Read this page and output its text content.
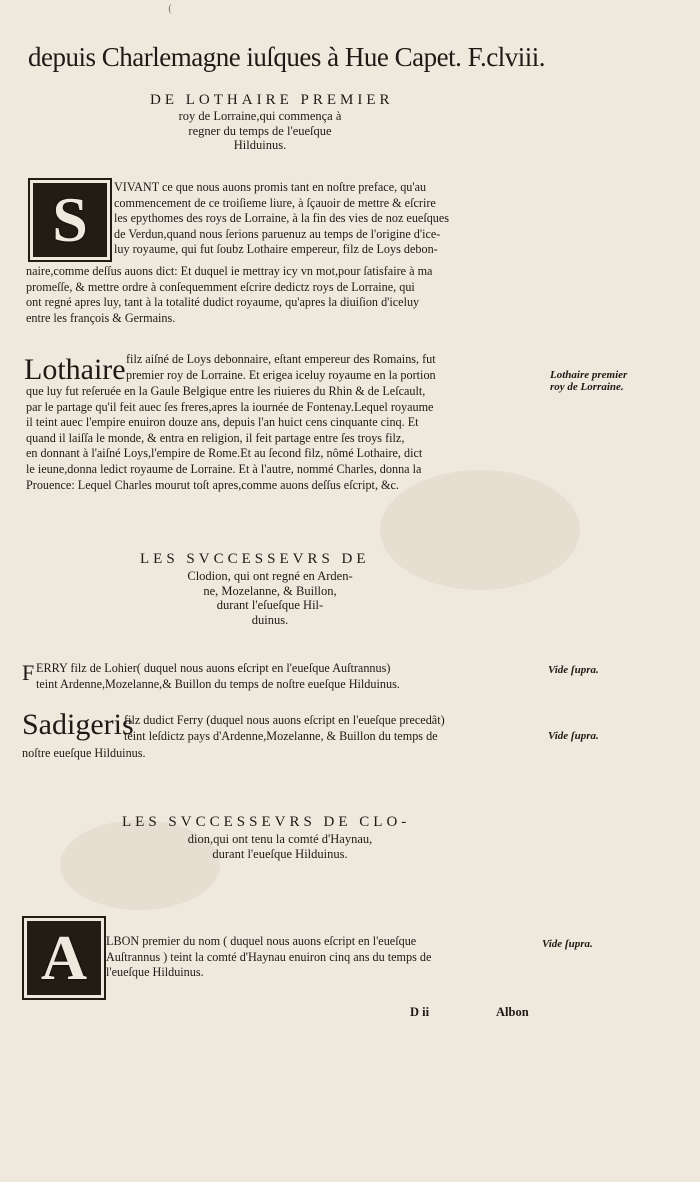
(
depuis Charlemagne iuſques à Hue Capet. F.clviii.
DE LOTHAIRE PREMIER
roy de Lorraine,qui commença à
regner du temps de l'eueſque
Hilduinus.
S VIVANT ce que nous auons promis tant en noſtre preface, qu'au
commencement de ce troiſieme liure, à ſçauoir de mettre & eſcrire
les epythomes des roys de Lorraine, à la fin des vies de noz eueſques
de Verdun,quand nous ſerions paruenuz au temps de l'origine d'ice-
luy royaume, qui fut ſoubz Lothaire empereur, filz de Loys debon-
naire,comme deſſus auons dict: Et duquel ie mettray icy vn mot,pour ſatisfaire à ma
promeſſe, & mettre ordre à conſequemment eſcrire dedictz roys de Lorraine, qui
ont regné apres luy, tant à la totalité dudict royaume, qu'apres la diuiſion d'iceluy
entre les françois & Germains.
Lothaire filz aiſné de Loys debonnaire, eſtant empereur des Romains, fut
premier roy de Lorraine. Et erigea iceluy royaume en la portion
que luy fut reſeruée en la Gaule Belgique entre les riuieres du Rhin & de Leſcault,
par le partage qu'il feit auec ſes freres,apres la iournée de Fontenay.Lequel royaume
il teint auec l'empire enuiron douze ans, depuis l'an huict cens cinquante cinq. Et
quand il laiſſa le monde, & entra en religion, il feit partage entre ſes troys filz,
en donnant à l'aiſné Loys,l'empire de Rome.Et au ſecond filz, nômé Lothaire, dict
le ieune,donna ledict royaume de Lorraine. Et à l'autre, nommé Charles, donna la
Prouence: Lequel Charles mourut toſt apres,comme auons deſſus eſcript, &c.
Lothaire premier
roy de Lorraine.
LES SVCCESSEVRS DE
Clodion, qui ont regné en Arden-
ne, Mozelanne, & Buillon,
durant l'eſueſque Hil-
duinus.
F ERRY filz de Lohier( duquel nous auons eſcript en l'eueſque Auſtrannus)
teint Ardenne,Mozelanne,& Buillon du temps de noſtre eueſque Hilduinus.
Vide ſupra.
Sadigeris
filz dudict Ferry (duquel nous auons eſcript en l'eueſque precedât)
teint leſdictz pays d'Ardenne,Mozelanne, & Buillon du temps de
noſtre eueſque Hilduinus.
Vide ſupra.
LES SVCCESSEVRS DE CLO-
dion,qui ont tenu la comté d'Haynau,
durant l'eueſque Hilduinus.
A LBON premier du nom ( duquel nous auons eſcript en l'eueſque
Auſtrannus ) teint la comté d'Haynau enuiron cinq ans du temps de
l'eueſque Hilduinus.
Vide ſupra.
D ii	Albon
